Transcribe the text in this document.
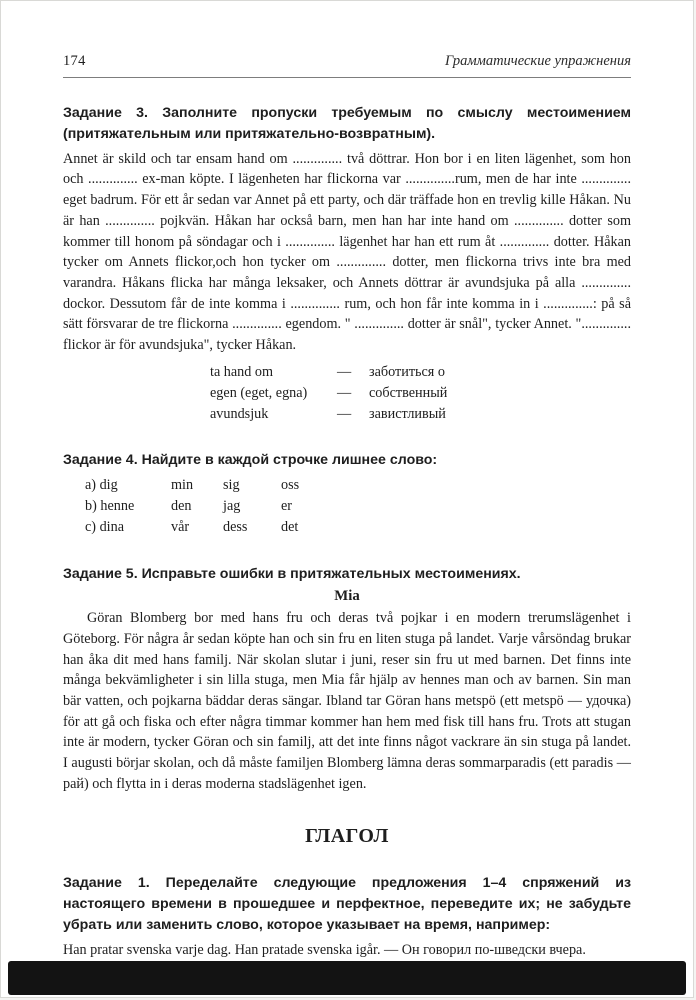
174	Грамматические упражнения

Задание 3. Заполните пропуски требуемым по смыслу местоимением (притяжательным или притяжательно-возвратным).

Annet är skild och tar ensam hand om .............. två döttrar. Hon bor i en liten lägenhet, som hon och .............. ex-man köpte. I lägenheten har flickorna var ..............rum, men de har inte .............. eget badrum. För ett år sedan var Annet på ett party, och där träffade hon en trevlig kille Håkan. Nu är han .............. pojkvän. Håkan har också barn, men han har inte hand om .............. dotter som kommer till honom på söndagar och i .............. lägenhet har han ett rum åt .............. dotter. Håkan tycker om Annets flickor,och hon tycker om .............. dotter, men flickorna trivs inte bra med varandra. Håkans flicka har många leksaker, och Annets döttrar är avundsjuka på alla .............. dockor. Dessutom får de inte komma i .............. rum, och hon får inte komma in i ..............: på så sätt försvarar de tre flickorna .............. egendom. " .............. dotter är snål", tycker Annet. ".............. flickor är för avundsjuka", tycker Håkan.

ta hand om	—	заботиться о
egen (eget, egna)	—	собственный
avundsjuk	—	завистливый

Задание 4. Найдите в каждой строчке лишнее слово:

a) dig	min	sig	oss
b) henne	den	jag	er
c) dina	vår	dess	det

Задание 5. Исправьте ошибки в притяжательных местоимениях.

Mia

Göran Blomberg bor med hans fru och deras två pojkar i en modern trerumslägenhet i Göteborg. För några år sedan köpte han och sin fru en liten stuga på landet. Varje vårsöndag brukar han åka dit med hans familj. När skolan slutar i juni, reser sin fru ut med barnen. Det finns inte många bekvämligheter i sin lilla stuga, men Mia får hjälp av hennes man och av barnen. Sin man bär vatten, och pojkarna bäddar deras sängar. Ibland tar Göran hans metspö (ett metspö — удочка) för att gå och fiska och efter några timmar kommer han hem med fisk till hans fru. Trots att stugan inte är modern, tycker Göran och sin familj, att det inte finns något vackrare än sin stuga på landet. I augusti börjar skolan, och då måste familjen Blomberg lämna deras sommarparadis (ett paradis — рай) och flytta in i deras moderna stadslägenhet igen.

ГЛАГОЛ

Задание 1. Переделайте следующие предложения 1–4 спряжений из настоящего времени в прошедшее и перфектное, переведите их; не забудьте убрать или заменить слово, которое указывает на время, например:

Han pratar svenska varje dag. Han pratade svenska igår. — Он говорил по-шведски вчера.
